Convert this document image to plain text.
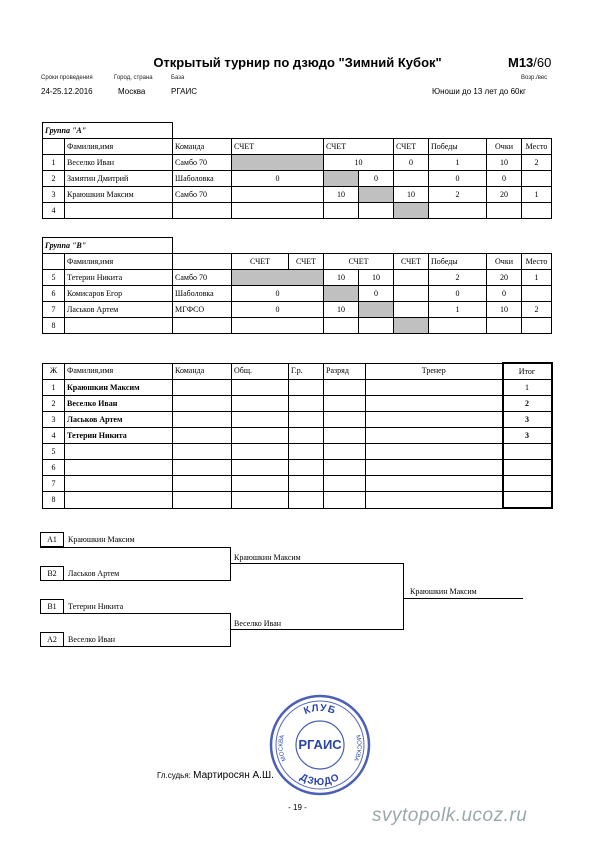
Открытый турнир по дзюдо "Зимний Кубок"	М13/60
Сроки проведения	Город, страна	База	Возр./вес
24-25.12.2016	Москва	РГАИС	Юноши до 13 лет до 60кг
Группа "А"									
	Фамилия,имя	Команда	СЧЕТ	СЧЕТ		СЧЕТ	Победы	Очки	Место
1	Веселко Иван	Самбо 70		10		0	1	10	2
2	Замятин Дмитрий	Шаболовка	0		0		0	0	
3	Краюшкин Максим	Самбо 70		10		10	2	20	1
4									
Группа "В"										
	Фамилия,имя		СЧЕТ	СЧЕТ	СЧЕТ		СЧЕТ	Победы	Очки	Место
5	Тетерин Никита	Самбо 70			10	10		2	20	1
6	Комисаров Егор	Шаболовка	0			0		0	0	
7	Ласьков Артем	МГФСО	0		10			1	10	2
8										
Ж	Фамилия,имя	Команда	Общ.	Г.р.	Разряд	Тренер	Итог
1	Краюшкин Максим						1
2	Веселко Иван						2
3	Ласьков Артем						3
4	Тетерин Никита						3
5							
6							
7							
8							
А1	Краюшкин Максим
В2	Ласьков Артем
Краюшкин Максим
В1	Тетерин Никита
А2	Веселко Иван
Веселко Иван
Краюшкин Максим
КЛУБ
МОСКВА	МОСКВА
РГАИС
ДЗЮДО
Гл.судья: Мартиросян А.Ш.
- 19 -	svytopolk.ucoz.ru
